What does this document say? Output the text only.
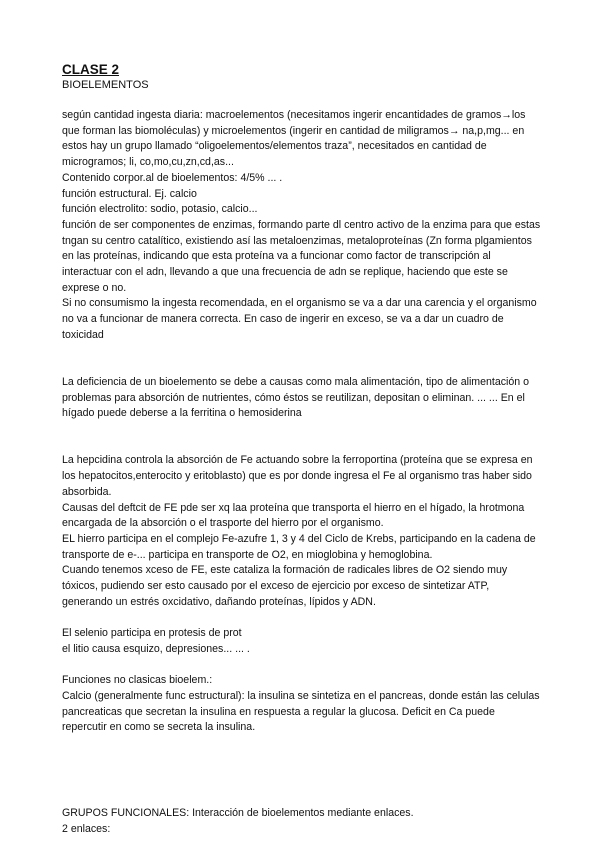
CLASE 2

BIOELEMENTOS

según cantidad ingesta diaria: macroelementos (necesitamos ingerir encantidades de gramos→los que forman las biomoléculas) y microelementos (ingerir en cantidad de miligramos→ na,p,mg... en estos hay un grupo llamado “oligoelementos/elementos traza”, necesitados en cantidad de microgramos; li, co,mo,cu,zn,cd,as...

Contenido corpor.al de bioelementos: 4/5% ... .

función estructural. Ej. calcio

función electrolito: sodio, potasio, calcio...

función de ser componentes de enzimas, formando parte dl centro activo de la enzima para que estas tngan su centro catalítico, existiendo así las metaloenzimas, metaloproteínas (Zn forma plgamientos en las proteínas, indicando que esta proteína va a funcionar como factor de transcripción al interactuar con el adn, llevando a que una frecuencia de adn se replique, haciendo que este se exprese o no.

Si no consumismo la ingesta recomendada, en el organismo se va a dar una carencia y el organismo no va a funcionar de manera correcta. En caso de ingerir en exceso, se va a dar un cuadro de toxicidad

La deficiencia de un bioelemento se debe a causas como mala alimentación, tipo de alimentación o problemas para absorción de nutrientes, cómo éstos se reutilizan, depositan o eliminan. ... ... En el hígado puede deberse a la ferritina o hemosiderina

La hepcidina controla la absorción de Fe actuando sobre la ferroportina (proteína que se expresa en los hepatocitos,enterocito y eritoblasto) que es por donde ingresa el Fe al organismo tras haber sido absorbida.

Causas del deftcit de FE pde ser xq laa proteína que transporta el hierro en el hígado, la hrotmona encargada de la absorción o el trasporte del hierro por el organismo.

EL hierro participa en el complejo Fe-azufre 1, 3 y 4 del Ciclo de Krebs, participando en la cadena de transporte de e-... participa en transporte de O2, en mioglobina y hemoglobina.

Cuando tenemos xceso de FE, este cataliza la formación de radicales libres de O2 siendo muy tóxicos, pudiendo ser esto causado por el exceso de ejercicio por exceso de sintetizar ATP, generando un estrés oxcidativo, dañando proteínas, lípidos y ADN.

El selenio participa en protesis de prot

el litio causa esquizo, depresiones... ... .

Funciones no clasicas bioelem.:

Calcio (generalmente func estructural): la insulina se sintetiza en el pancreas, donde están las celulas pancreaticas que secretan la insulina en respuesta a regular la glucosa. Deficit en Ca puede repercutir en como se secreta la insulina.

GRUPOS FUNCIONALES: Interacción de bioelementos mediante enlaces.

2 enlaces:
